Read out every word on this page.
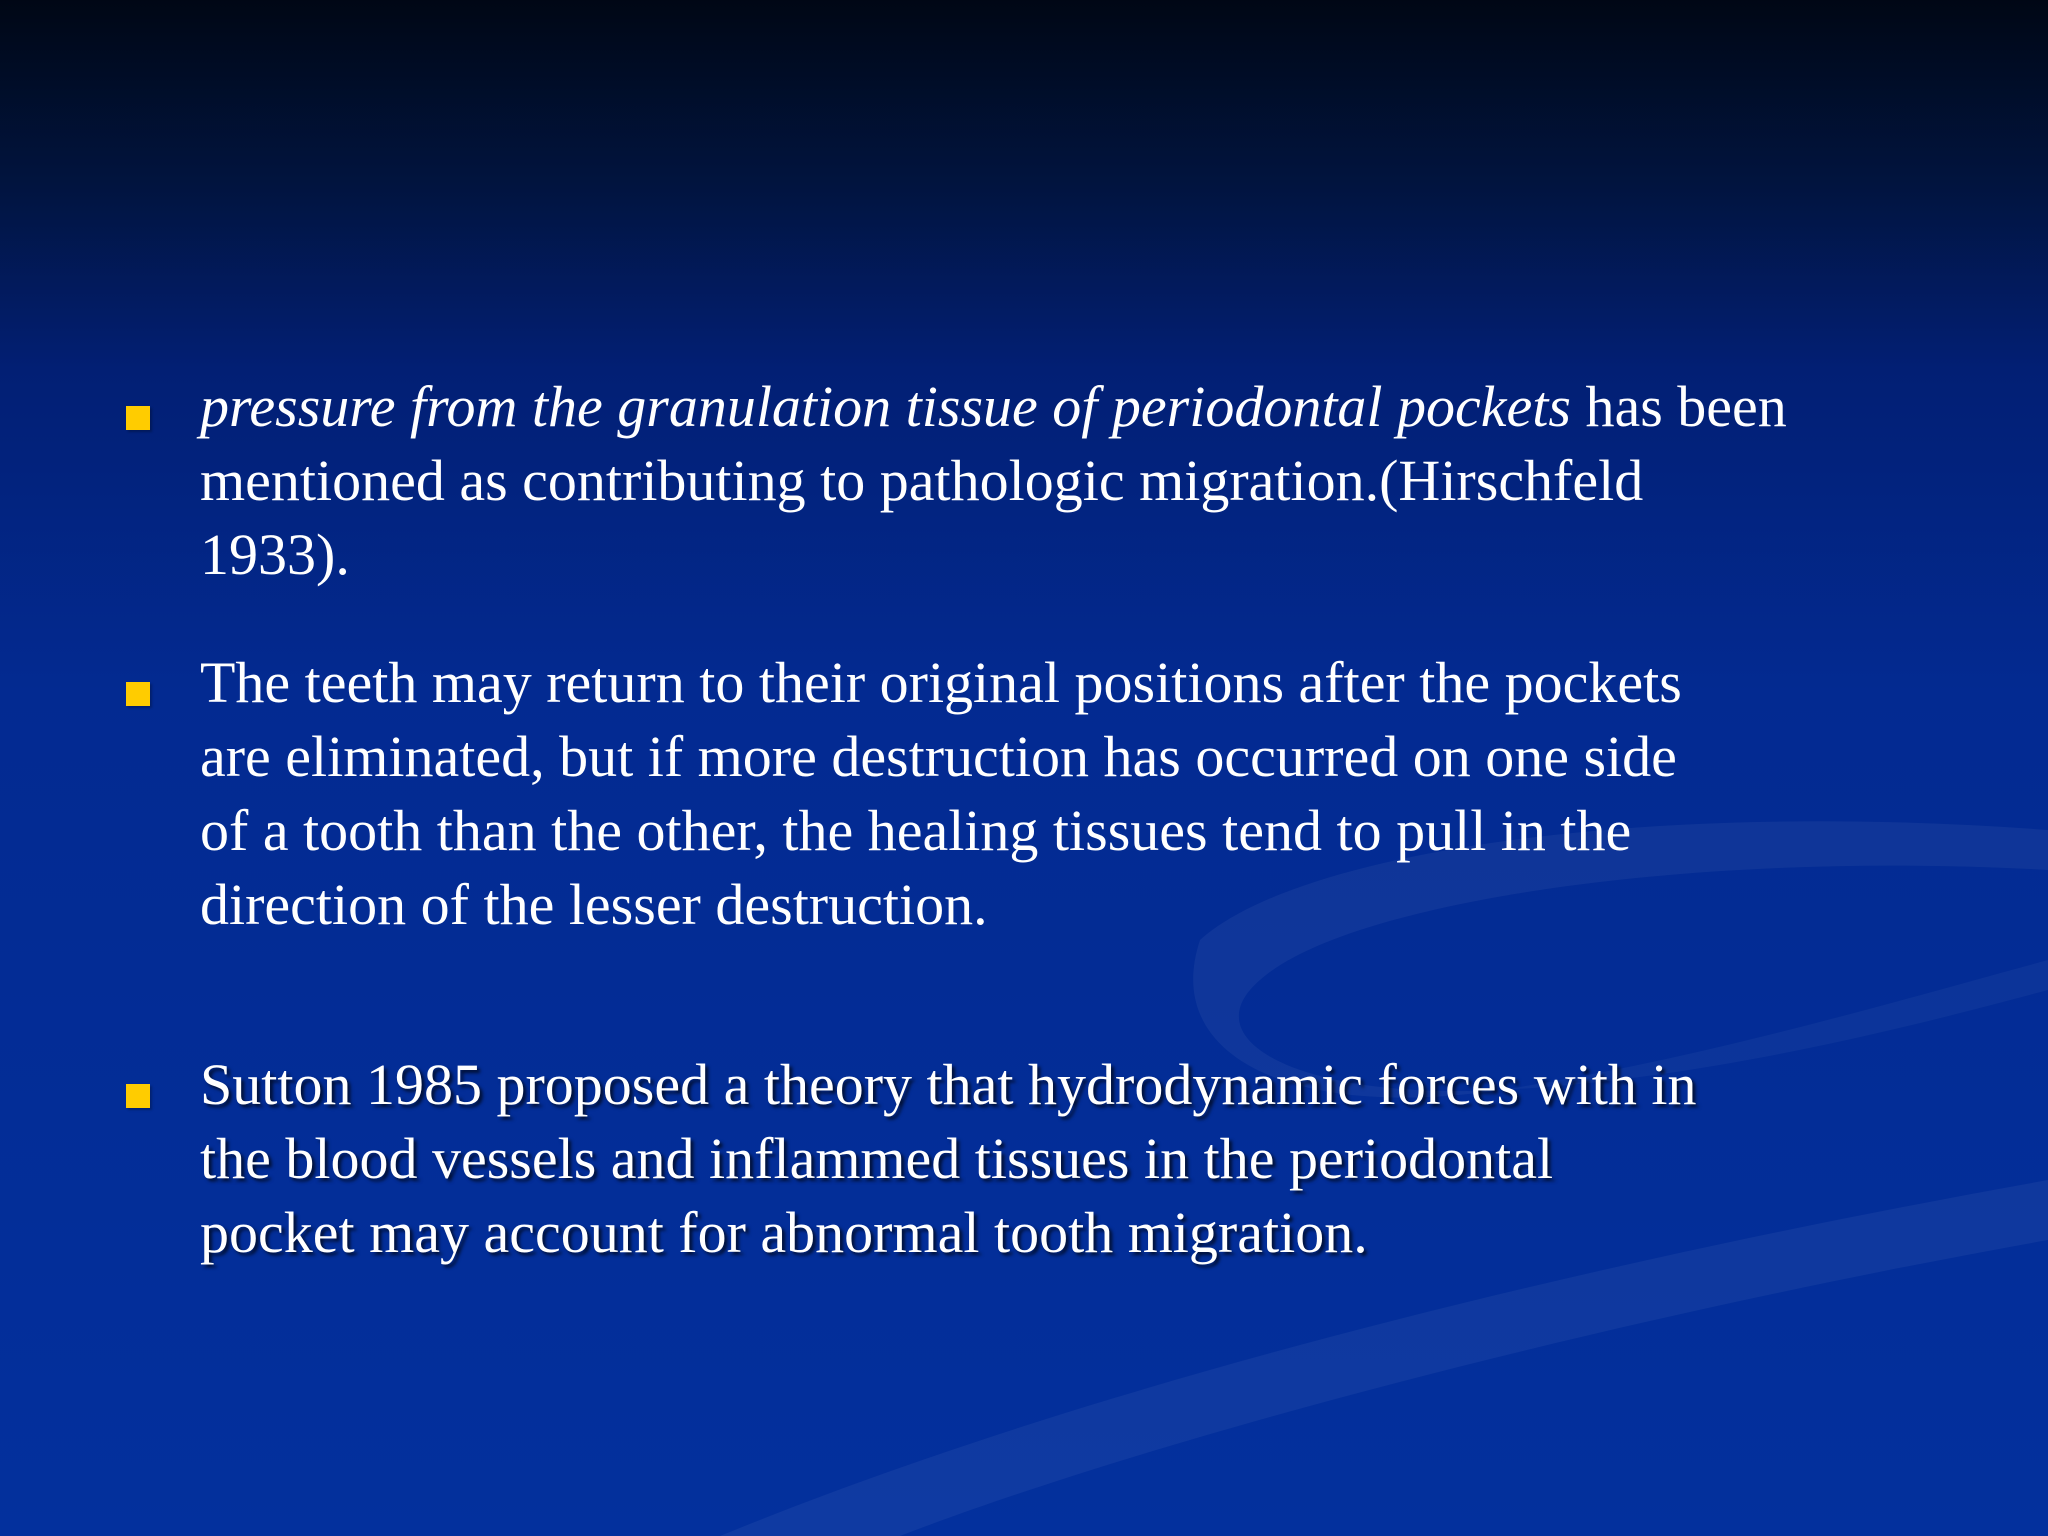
pressure from the granulation tissue of periodontal pockets has been
mentioned as contributing to pathologic migration.(Hirschfeld
1933).
The teeth may return to their original positions after the pockets
are eliminated, but if more destruction has occurred on one side
of a tooth than the other, the healing tissues tend to pull in the
direction of the lesser destruction.
Sutton 1985 proposed a theory that hydrodynamic forces with in
the blood vessels and inflammed tissues in the periodontal
pocket may account for abnormal tooth migration.
